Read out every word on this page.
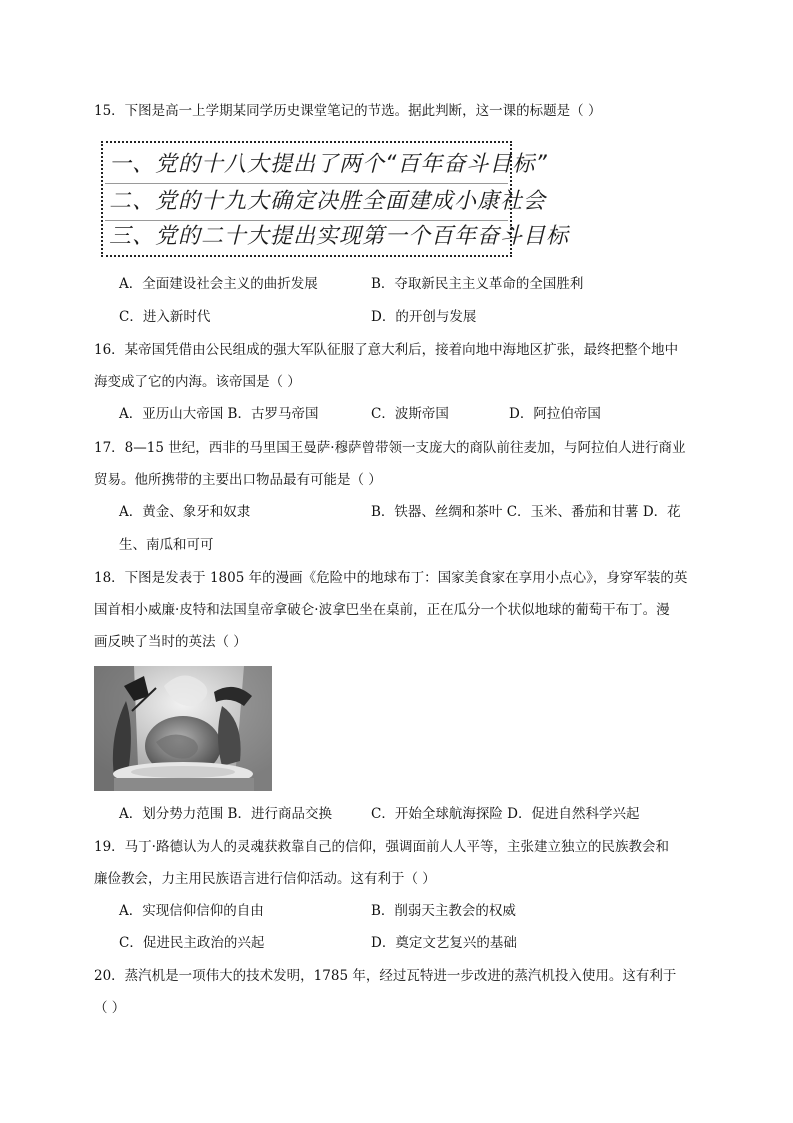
15．下图是高一上学期某同学历史课堂笔记的节选。据此判断，这一课的标题是（ ）
一、党的十八大提出了两个“百年奋斗目标”
二、党的十九大确定决胜全面建成小康社会
三、党的二十大提出实现第一个百年奋斗目标
A．全面建设社会主义的曲折发展	B．夺取新民主主义革命的全国胜利
C．进入新时代	D．的开创与发展
16．某帝国凭借由公民组成的强大军队征服了意大利后，接着向地中海地区扩张，最终把整个地中
海变成了它的内海。该帝国是（ ）
A．亚历山大帝国 B．古罗马帝国	C．波斯帝国	D．阿拉伯帝国
17．8—15 世纪，西非的马里国王曼萨·穆萨曾带领一支庞大的商队前往麦加，与阿拉伯人进行商业
贸易。他所携带的主要出口物品最有可能是（ ）
A．黄金、象牙和奴隶	B．铁器、丝绸和茶叶 C．玉米、番茄和甘薯 D．花
生、南瓜和可可
18．下图是发表于 1805 年的漫画《危险中的地球布丁：国家美食家在享用小点心》，身穿军装的英
国首相小威廉·皮特和法国皇帝拿破仑·波拿巴坐在桌前，正在瓜分一个状似地球的葡萄干布丁。漫
画反映了当时的英法（ ）
A．划分势力范围 B．进行商品交换	C．开始全球航海探险 D．促进自然科学兴起
19．马丁·路德认为人的灵魂获救靠自己的信仰，强调面前人人平等，主张建立独立的民族教会和
廉俭教会，力主用民族语言进行信仰活动。这有利于（ ）
A．实现信仰信仰的自由	B．削弱天主教会的权威
C．促进民主政治的兴起	D．奠定文艺复兴的基础
20．蒸汽机是一项伟大的技术发明，1785 年，经过瓦特进一步改进的蒸汽机投入使用。这有利于
（ ）
